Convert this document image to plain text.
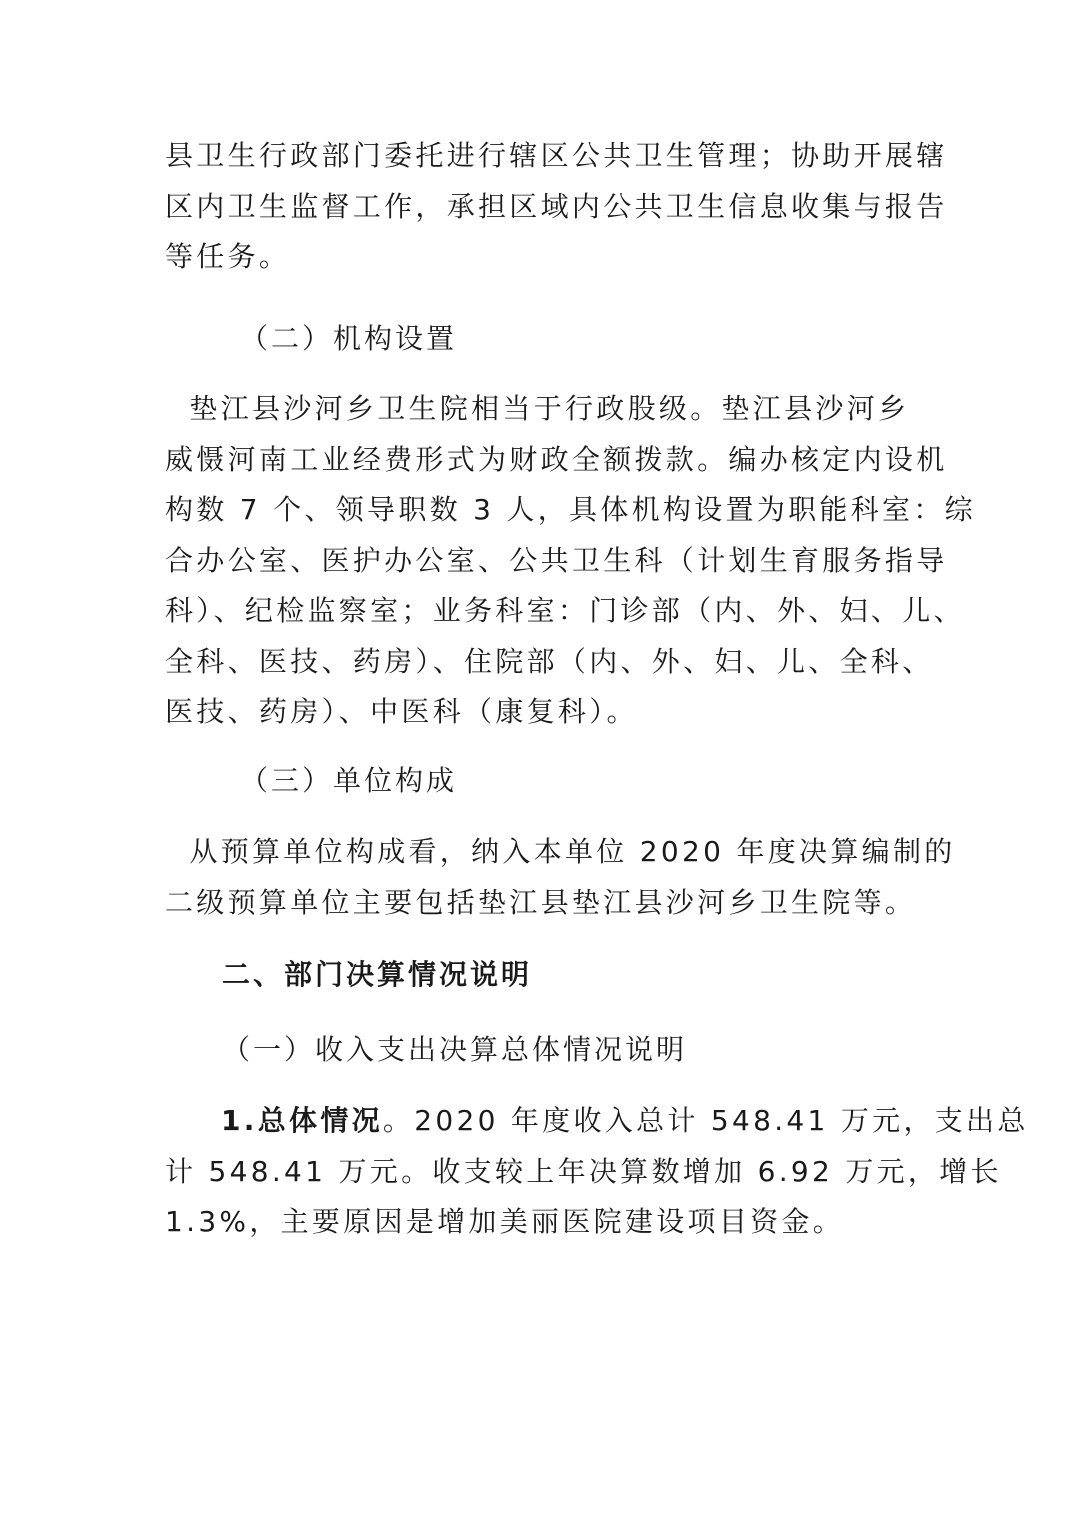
县卫生行政部门委托进行辖区公共卫生管理；协助开展辖
区内卫生监督工作，承担区域内公共卫生信息收集与报告
等任务。

（二）机构设置

垫江县沙河乡卫生院相当于行政股级。垫江县沙河乡
威慑河南工业经费形式为财政全额拨款。编办核定内设机
构数 7 个、领导职数 3 人，具体机构设置为职能科室：综
合办公室、医护办公室、公共卫生科（计划生育服务指导
科）、纪检监察室；业务科室：门诊部（内、外、妇、儿、
全科、医技、药房）、住院部（内、外、妇、儿、全科、
医技、药房）、中医科（康复科）。

（三）单位构成

从预算单位构成看，纳入本单位 2020 年度决算编制的
二级预算单位主要包括垫江县垫江县沙河乡卫生院等。

二、部门决算情况说明
（一）收入支出决算总体情况说明

1.总体情况。2020 年度收入总计 548.41 万元，支出总
计 548.41 万元。收支较上年决算数增加 6.92 万元，增长
1.3%，主要原因是增加美丽医院建设项目资金。
